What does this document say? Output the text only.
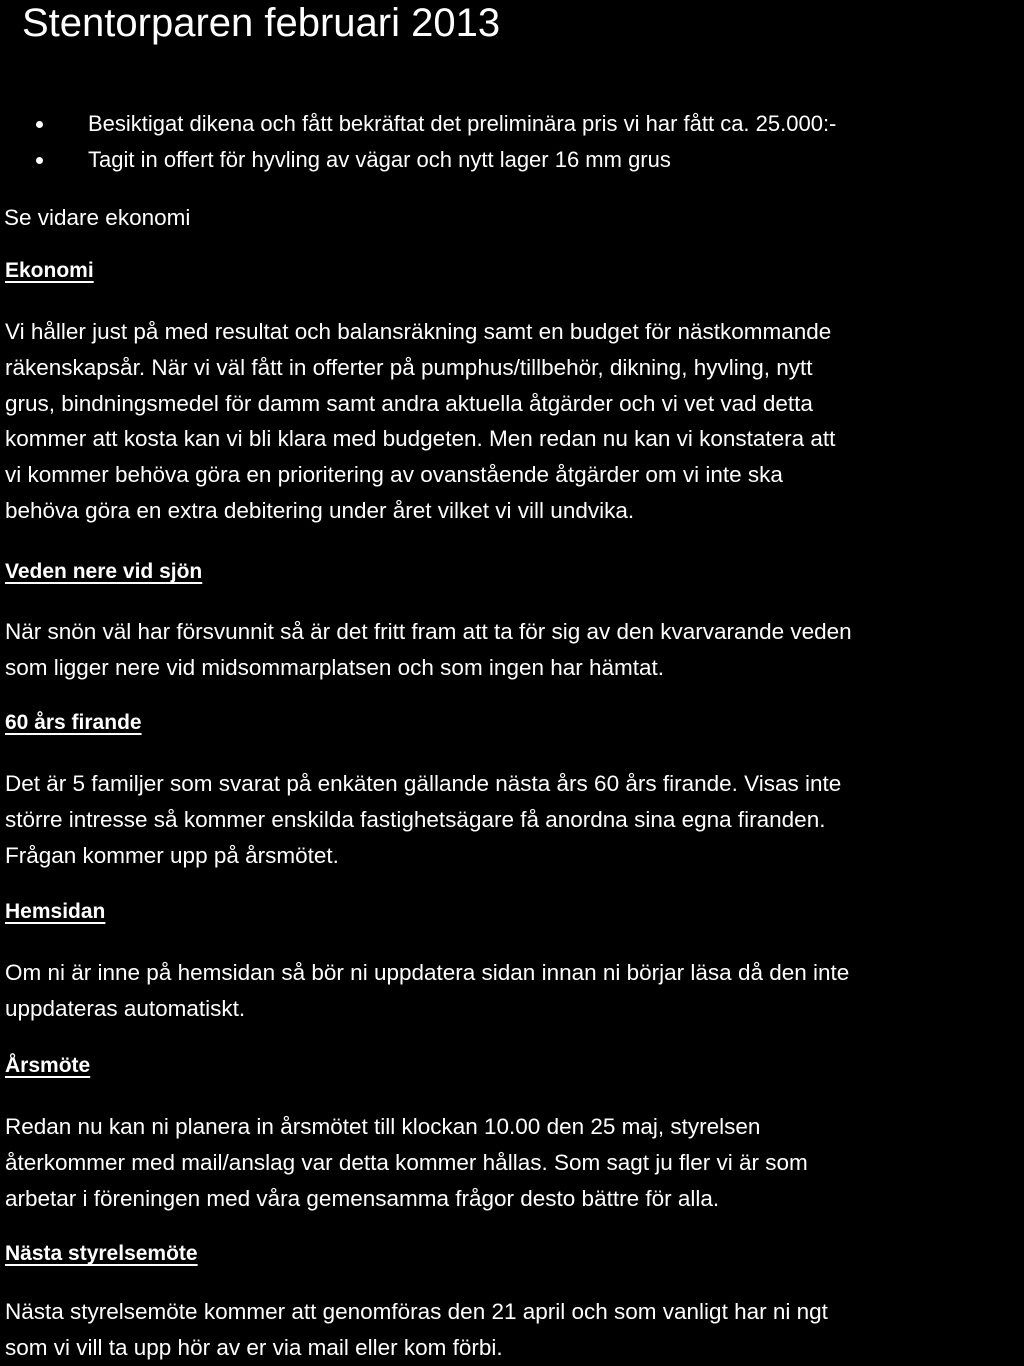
Stentorparen februari 2013
Besiktigat dikena och fått bekräftat det preliminära pris vi har fått ca. 25.000:-
Tagit in offert för hyvling av vägar och nytt lager 16 mm grus
Se vidare ekonomi
Ekonomi
Vi håller just på med resultat och balansräkning samt en budget för nästkommande
räkenskapsår. När vi väl fått in offerter på pumphus/tillbehör, dikning, hyvling, nytt
grus, bindningsmedel för damm samt andra aktuella åtgärder och vi vet vad detta
kommer att kosta kan vi bli klara med budgeten. Men redan nu kan vi konstatera att
vi kommer behöva göra en prioritering av ovanstående åtgärder om vi inte ska
behöva göra en extra debitering under året vilket vi vill undvika.
Veden nere vid sjön
När snön väl har försvunnit så är det fritt fram att ta för sig av den kvarvarande veden
som ligger nere vid midsommarplatsen och som ingen har hämtat.
60 års firande
Det är 5 familjer som svarat på enkäten gällande nästa års 60 års firande. Visas inte
större intresse så kommer enskilda fastighetsägare få anordna sina egna firanden.
Frågan kommer upp på årsmötet.
Hemsidan
Om ni är inne på hemsidan så bör ni uppdatera sidan innan ni börjar läsa då den inte
uppdateras automatiskt.
Årsmöte
Redan nu kan ni planera in årsmötet till klockan 10.00 den 25 maj, styrelsen
återkommer med mail/anslag var detta kommer hållas. Som sagt ju fler vi är som
arbetar i föreningen med våra gemensamma frågor desto bättre för alla.
Nästa styrelsemöte
Nästa styrelsemöte kommer att genomföras den 21 april och som vanligt har ni ngt
som vi vill ta upp hör av er via mail eller kom förbi.
